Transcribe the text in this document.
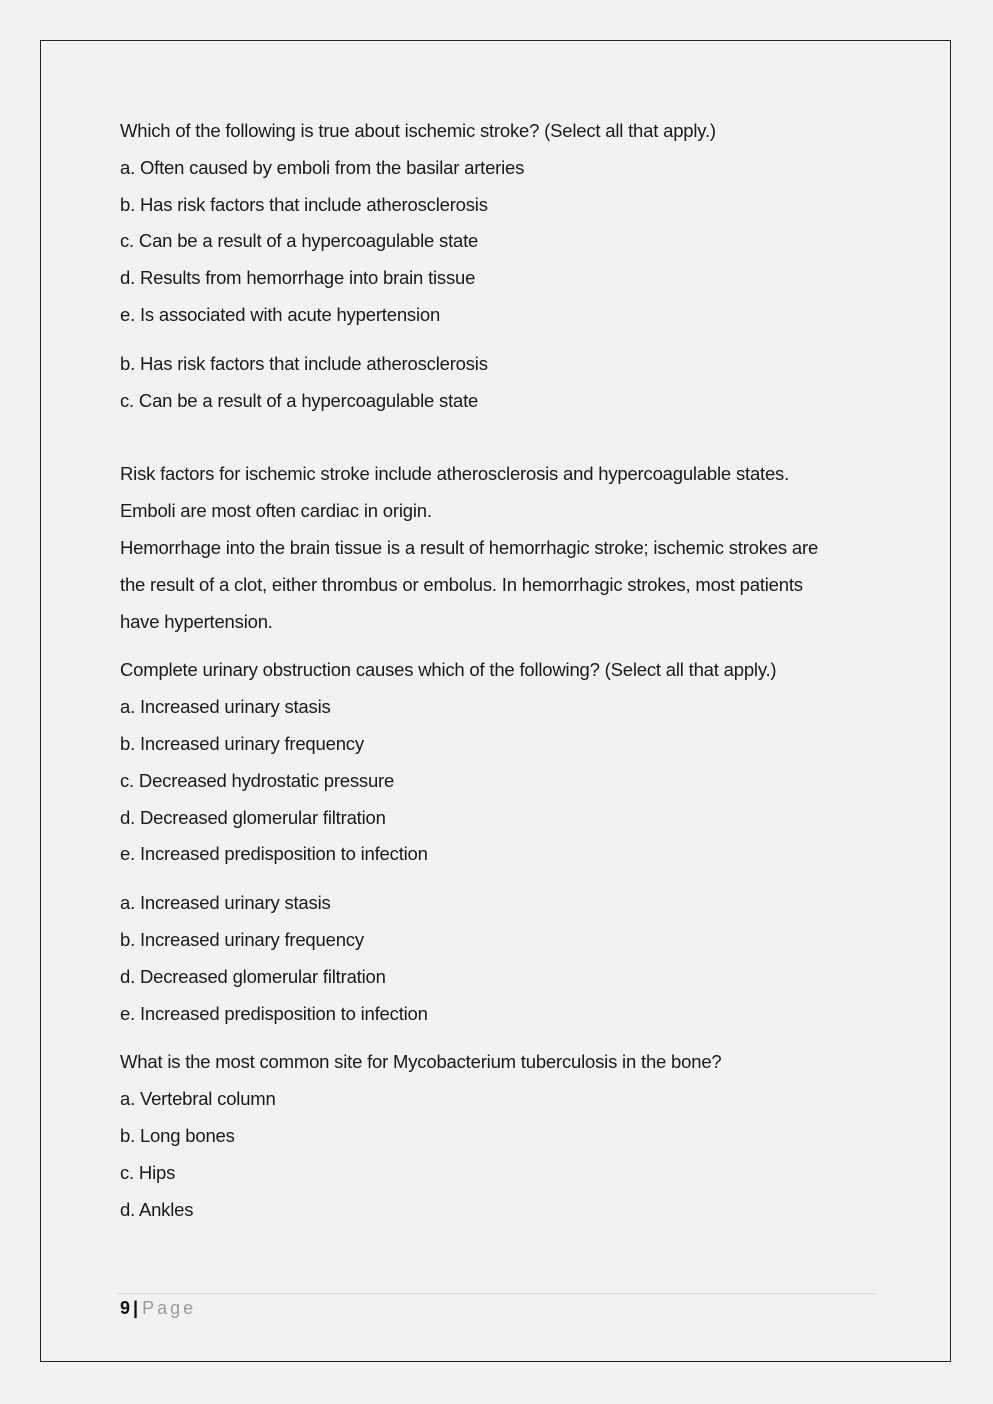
Which of the following is true about ischemic stroke? (Select all that apply.)
a. Often caused by emboli from the basilar arteries
b. Has risk factors that include atherosclerosis
c. Can be a result of a hypercoagulable state
d. Results from hemorrhage into brain tissue
e. Is associated with acute hypertension
b. Has risk factors that include atherosclerosis
c. Can be a result of a hypercoagulable state
Risk factors for ischemic stroke include atherosclerosis and hypercoagulable states.
Emboli are most often cardiac in origin.
Hemorrhage into the brain tissue is a result of hemorrhagic stroke; ischemic strokes are
the result of a clot, either thrombus or embolus. In hemorrhagic strokes, most patients
have hypertension.
Complete urinary obstruction causes which of the following? (Select all that apply.)
a. Increased urinary stasis
b. Increased urinary frequency
c. Decreased hydrostatic pressure
d. Decreased glomerular filtration
e. Increased predisposition to infection
a. Increased urinary stasis
b. Increased urinary frequency
d. Decreased glomerular filtration
e. Increased predisposition to infection
What is the most common site for Mycobacterium tuberculosis in the bone?
a. Vertebral column
b. Long bones
c. Hips
d. Ankles
9 | Page
